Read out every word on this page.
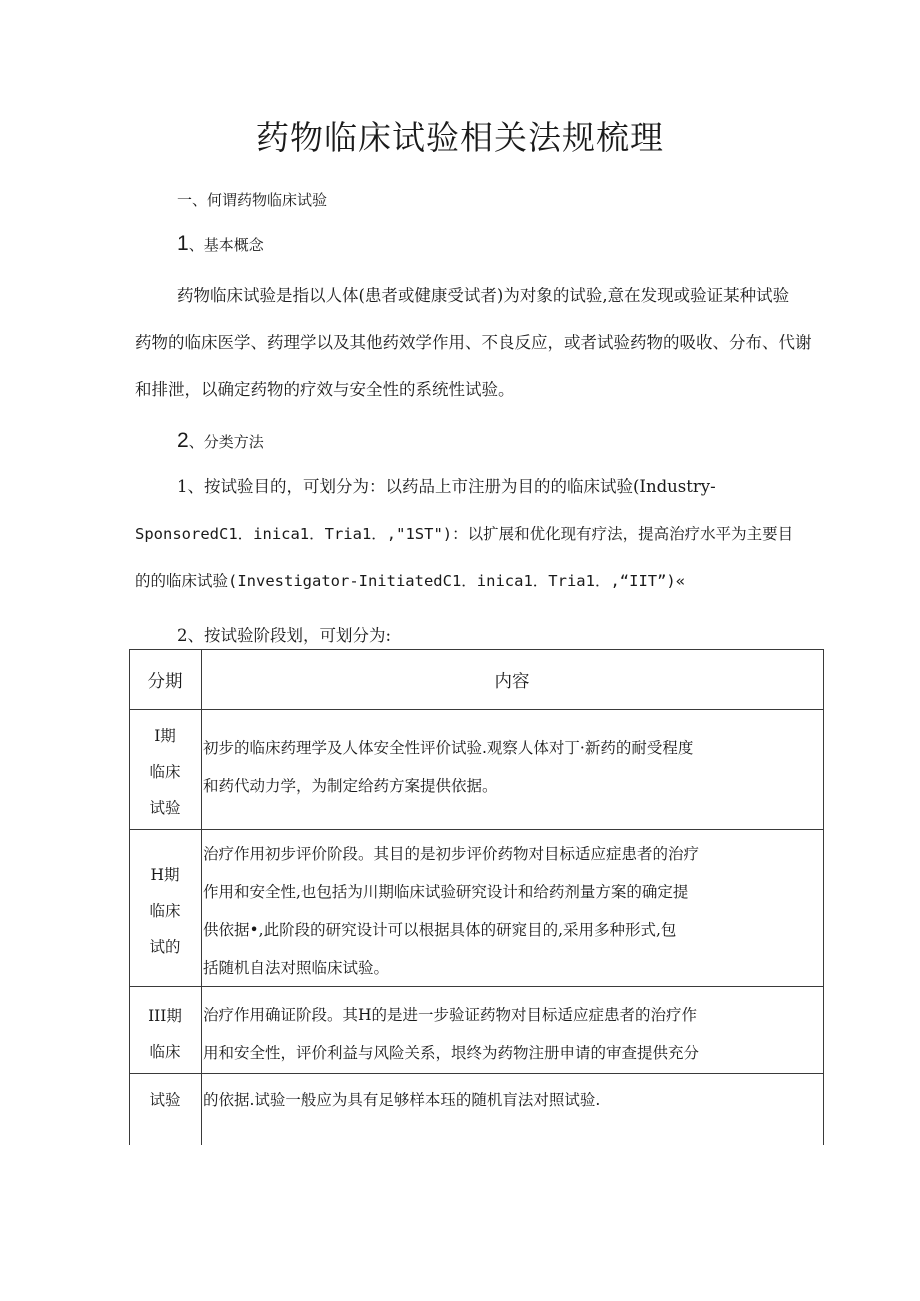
药物临床试验相关法规梳理
一、何谓药物临床试验
1、基本概念
药物临床试验是指以人体(患者或健康受试者)为对象的试验,意在发现或验证某种试验
药物的临床医学、药理学以及其他药效学作用、不良反应，或者试验药物的吸收、分布、代谢
和排泄，以确定药物的疗效与安全性的系统性试验。
2、分类方法
1、按试验目的，可划分为：以药品上市注册为目的的临床试验(Industry-
SponsoredC1．inica1．Tria1．,"1ST")：以扩展和优化现有疗法，提高治疗水平为主要目
的的临床试验(Investigator-InitiatedC1．inica1．Tria1．,“IIT”)«
2、按试验阶段划，可划分为:
分期	内容
I期
临床
试验
初步的临床药理学及人体安全性评价试验.观察人体对丁·新药的耐受程度
和药代动力学，为制定给药方案提供依据。
H期
临床
试的
治疗作用初步评价阶段。其目的是初步评价药物对目标适应症患者的治疗
作用和安全性,也包括为川期临床试验研究设计和给药剂量方案的确定提
供依据•,此阶段的研究设计可以根据具体的研窕目的,采用多种形式,包
括随机自法对照临床试验。
III期
临床
治疗作用确证阶段。其H的是进一步验证药物对目标适应症患者的治疗作
用和安全性，评价利益与风险关系，垠终为药物注册申请的审查提供充分
试验	的依据.试验一般应为具有足够样本珏的随机肓法对照试验.
